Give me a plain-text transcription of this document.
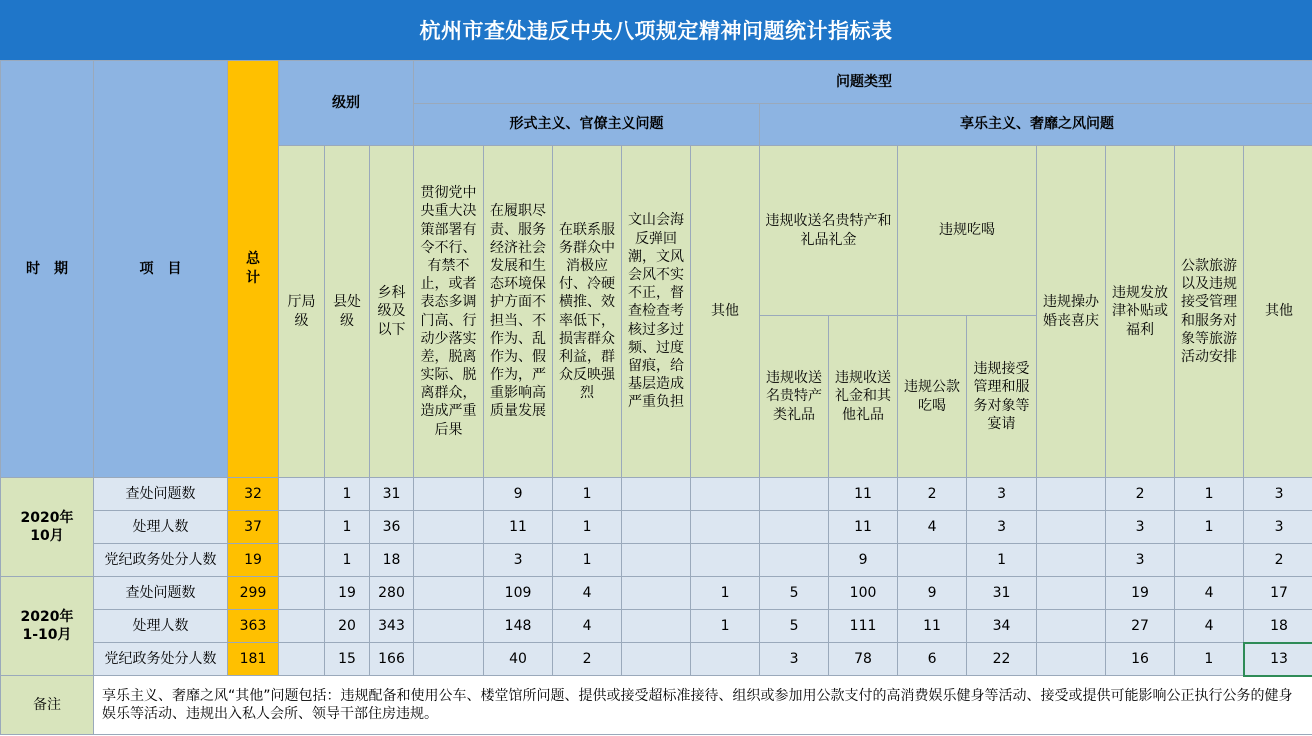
杭州市查处违反中央八项规定精神问题统计指标表
时　期	项　目	总计	级别			问题类型												
						形式主义、官僚主义问题					享乐主义、奢靡之风问题							
			厅局级	县处级	乡科级及以下	贯彻党中央重大决策部署有令不行、有禁不止，或者表态多调门高、行动少落实差，脱离实际、脱离群众，造成严重后果	在履职尽责、服务经济社会发展和生态环境保护方面不担当、不作为、乱作为、假作为，严重影响高质量发展	在联系服务群众中消极应付、冷硬横推、效率低下，损害群众利益，群众反映强烈	文山会海反弹回潮，文风会风不实不正，督查检查考核过多过频、过度留痕，给基层造成严重负担	其他	违规收送名贵特产和礼品礼金		违规吃喝		违规操办婚丧喜庆	违规发放津补贴或福利	公款旅游以及违规接受管理和服务对象等旅游活动安排	其他
											违规收送名贵特产类礼品	违规收送礼金和其他礼品	违规公款吃喝	违规接受管理和服务对象等宴请				
2020年10月	查处问题数	32		1	31		9	1				11	2	3		2	1	3
	处理人数	37		1	36		11	1				11	4	3		3	1	3
	党纪政务处分人数	19		1	18		3	1				9		1		3		2
2020年1-10月	查处问题数	299		19	280		109	4		1	5	100	9	31		19	4	17
	处理人数	363		20	343		148	4		1	5	111	11	34		27	4	18
	党纪政务处分人数	181		15	166		40	2			3	78	6	22		16	1	13
备注	享乐主义、奢靡之风“其他”问题包括：违规配备和使用公车、楼堂馆所问题、提供或接受超标准接待、组织或参加用公款支付的高消费娱乐健身等活动、接受或提供可能影响公正执行公务的健身娱乐等活动、违规出入私人会所、领导干部住房违规。																	
